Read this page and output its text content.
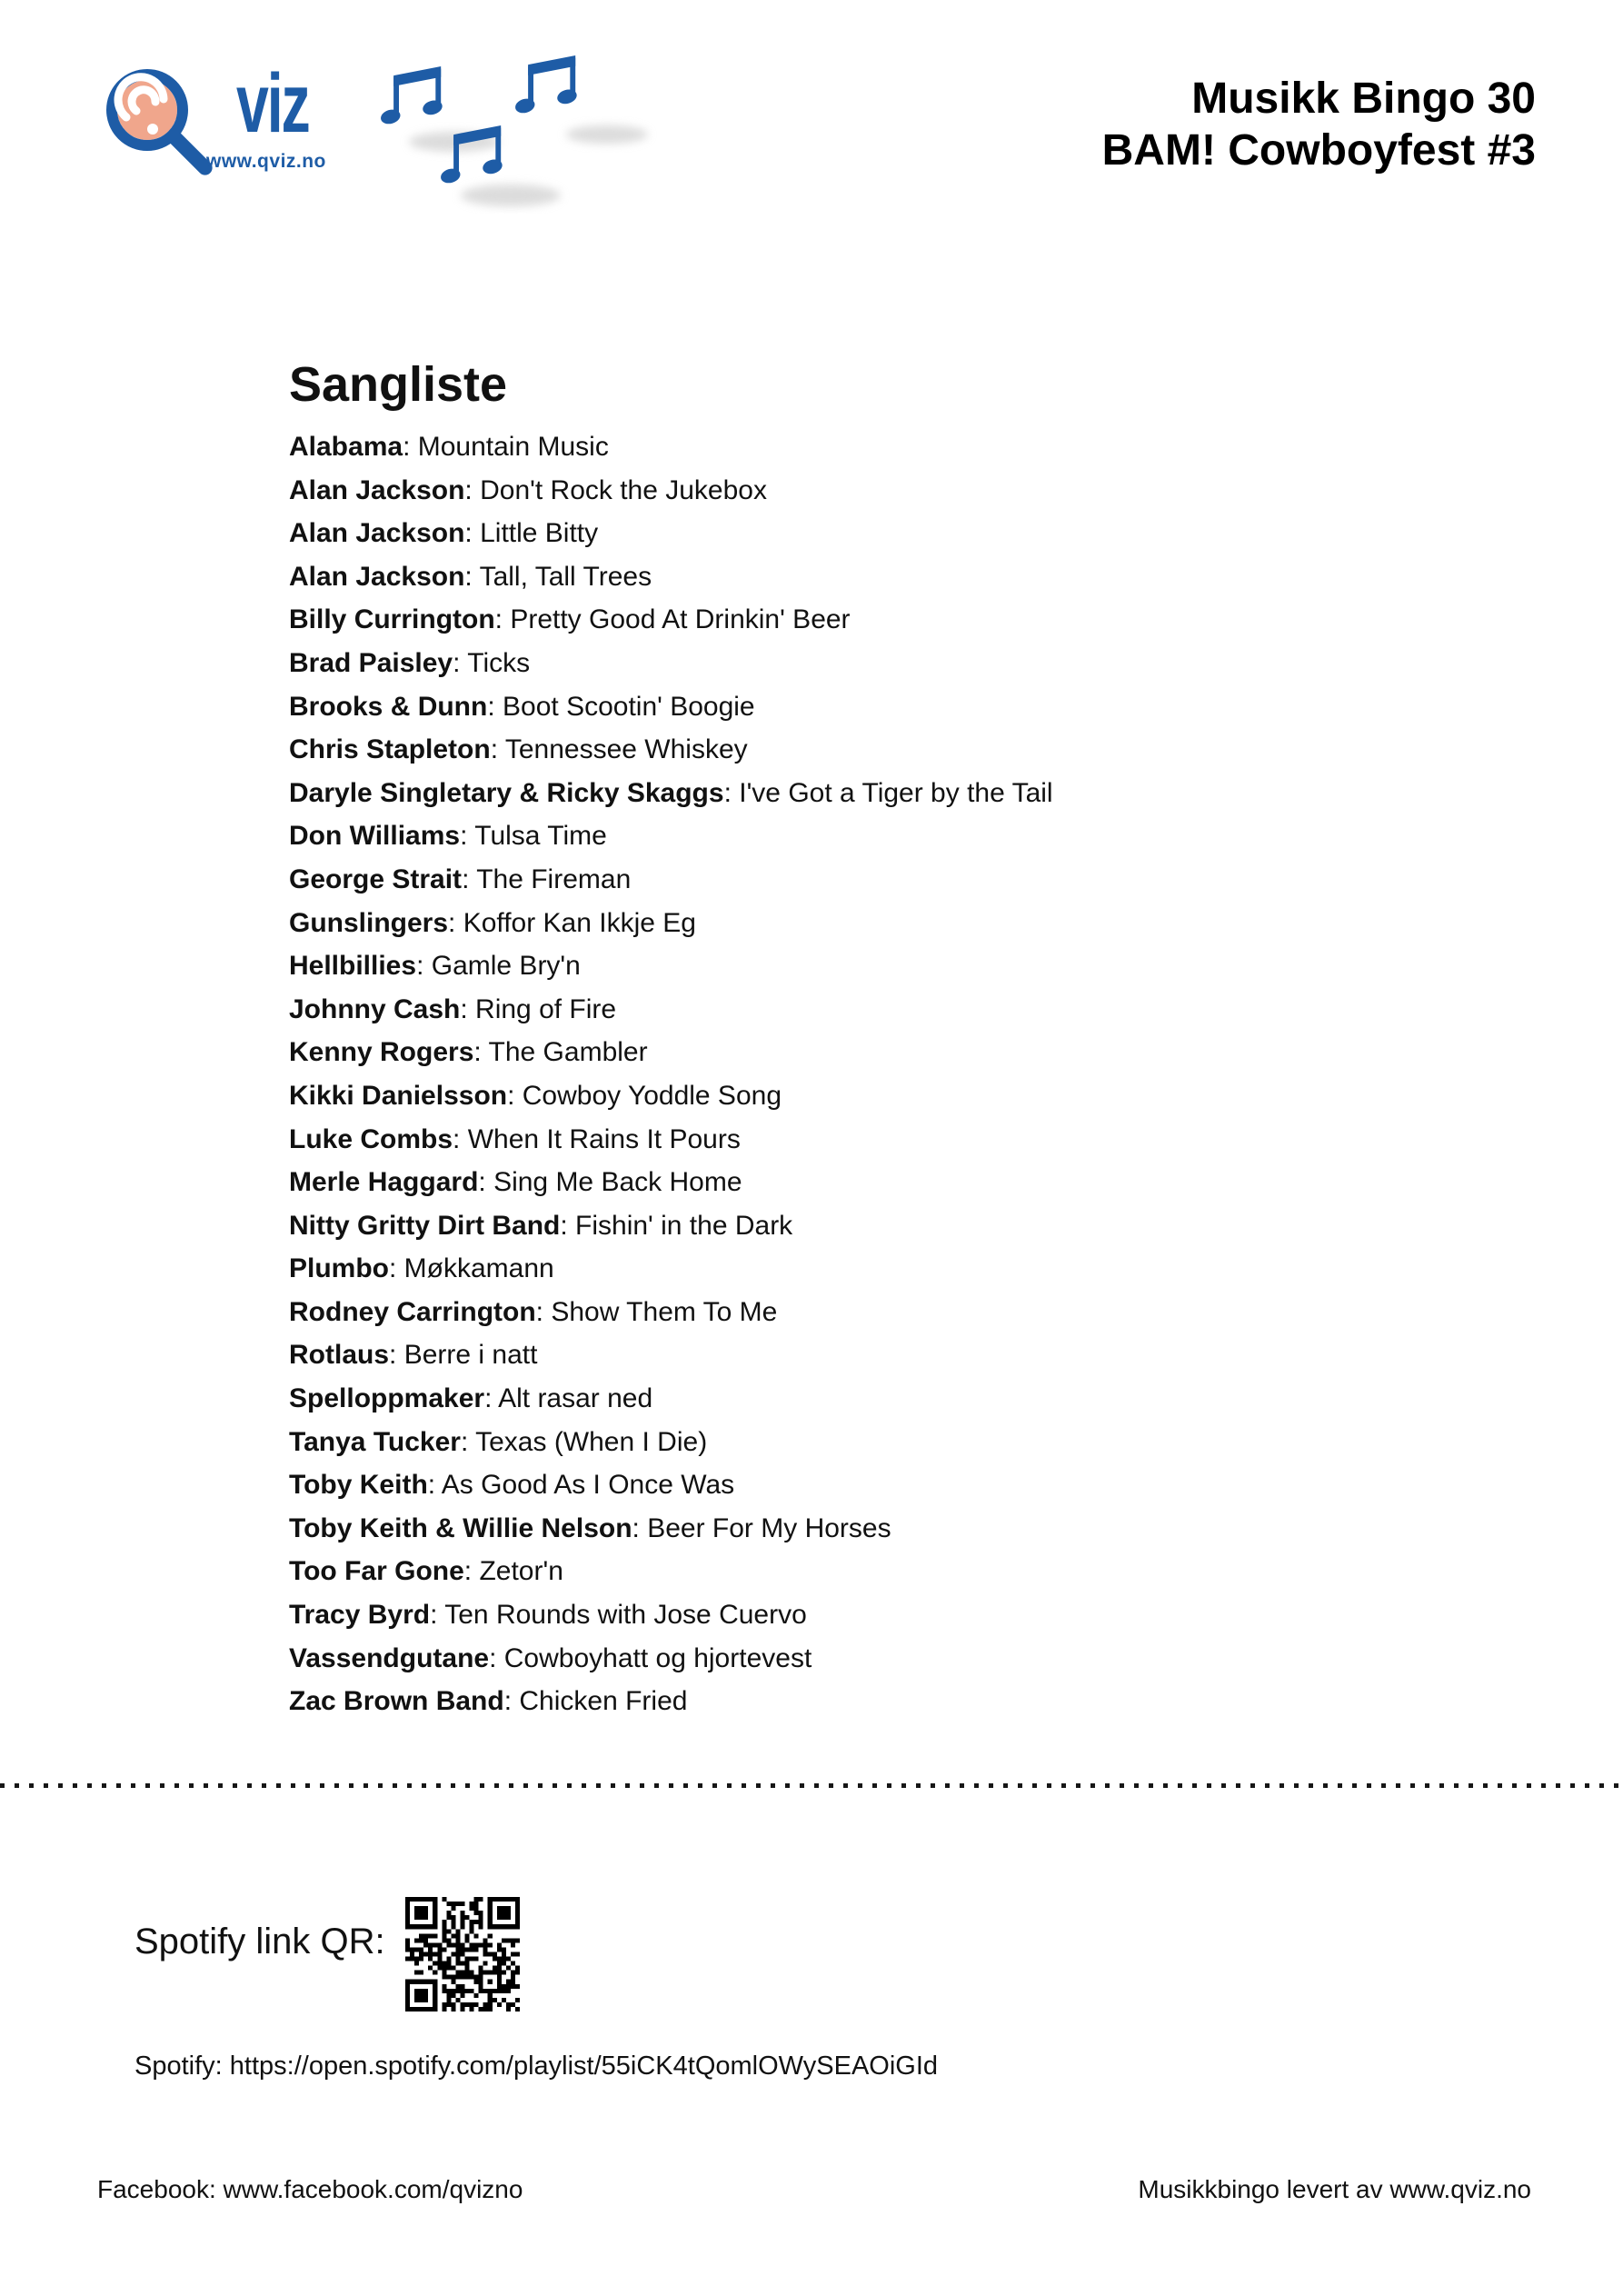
viz
www.qviz.no
Musikk Bingo 30
BAM! Cowboyfest #3
Sangliste
Alabama: Mountain Music
Alan Jackson: Don't Rock the Jukebox
Alan Jackson: Little Bitty
Alan Jackson: Tall, Tall Trees
Billy Currington: Pretty Good At Drinkin' Beer
Brad Paisley: Ticks
Brooks & Dunn: Boot Scootin' Boogie
Chris Stapleton: Tennessee Whiskey
Daryle Singletary & Ricky Skaggs: I've Got a Tiger by the Tail
Don Williams: Tulsa Time
George Strait: The Fireman
Gunslingers: Koffor Kan Ikkje Eg
Hellbillies: Gamle Bry'n
Johnny Cash: Ring of Fire
Kenny Rogers: The Gambler
Kikki Danielsson: Cowboy Yoddle Song
Luke Combs: When It Rains It Pours
Merle Haggard: Sing Me Back Home
Nitty Gritty Dirt Band: Fishin' in the Dark
Plumbo: Møkkamann
Rodney Carrington: Show Them To Me
Rotlaus: Berre i natt
Spelloppmaker: Alt rasar ned
Tanya Tucker: Texas (When I Die)
Toby Keith: As Good As I Once Was
Toby Keith & Willie Nelson: Beer For My Horses
Too Far Gone: Zetor'n
Tracy Byrd: Ten Rounds with Jose Cuervo
Vassendgutane: Cowboyhatt og hjortevest
Zac Brown Band: Chicken Fried
Spotify link QR:
Spotify: https://open.spotify.com/playlist/55iCK4tQomlOWySEAOiGId
Facebook: www.facebook.com/qvizno	Musikkbingo levert av www.qviz.no
